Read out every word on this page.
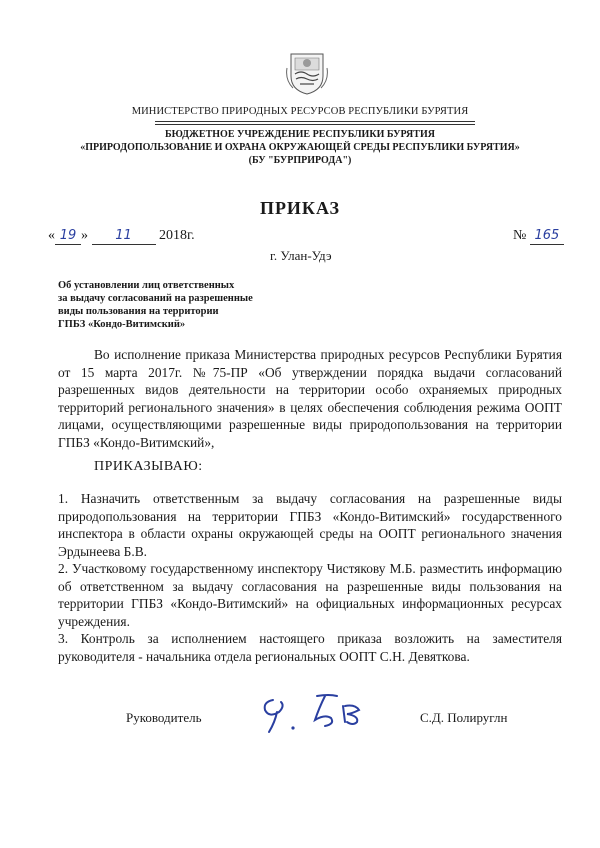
МИНИСТЕРСТВО ПРИРОДНЫХ РЕСУРСОВ РЕСПУБЛИКИ БУРЯТИЯ
БЮДЖЕТНОЕ УЧРЕЖДЕНИЕ РЕСПУБЛИКИ БУРЯТИЯ
«ПРИРОДОПОЛЬЗОВАНИЕ И ОХРАНА ОКРУЖАЮЩЕЙ СРЕДЫ РЕСПУБЛИКИ БУРЯТИЯ»
(БУ "БУРПРИРОДА")
ПРИКАЗ
« 19 » 11 2018г.	№ 165
г. Улан-Удэ
Об установлении лиц ответственных
за выдачу согласований на разрешенные
виды пользования на территории
ГПБЗ «Кондо-Витимский»
Во исполнение приказа Министерства природных ресурсов Республики Бурятия от 15 марта 2017г. №75-ПР «Об утверждении порядка выдачи согласований разрешенных видов деятельности на территории особо охраняемых природных территорий регионального значения» в целях обеспечения соблюдения режима ООПТ лицами, осуществляющими разрешенные виды природопользования на территории ГПБЗ «Кондо-Витимский»,
ПРИКАЗЫВАЮ:

1. Назначить ответственным за выдачу согласования на разрешенные виды природопользования на территории ГПБЗ «Кондо-Витимский» государственного инспектора в области охраны окружающей среды на ООПТ регионального значения Эрдынеева Б.В.

2. Участковому государственному инспектору Чистякову М.Б. разместить информацию об ответственном за выдачу согласования на разрешенные виды пользования на территории ГПБЗ «Кондо-Витимский» на официальных информационных ресурсах учреждения.

3. Контроль за исполнением настоящего приказа возложить на заместителя руководителя - начальника отдела региональных ООПТ С.Н. Девяткова.

Руководитель	С.Д. Полируглн
